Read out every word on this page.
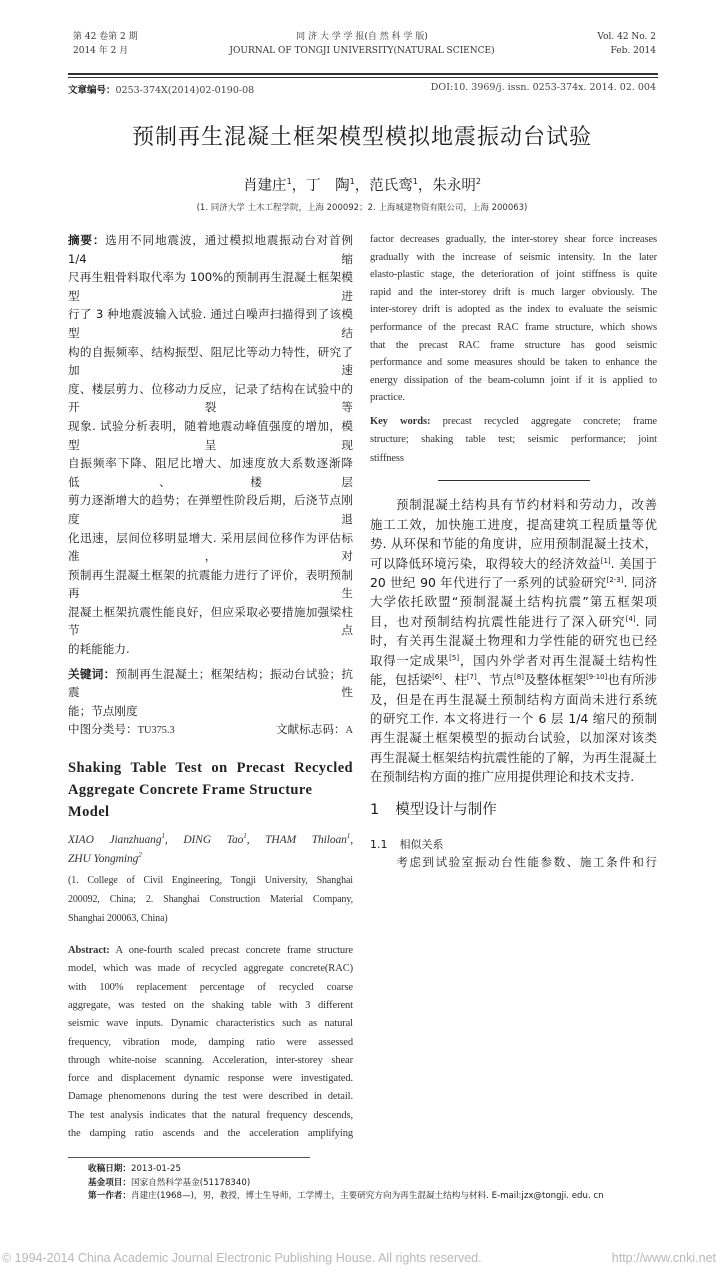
第 42 卷第 2 期
2014 年 2 月
同 济 大 学 学 报(自 然 科 学 版)
JOURNAL OF TONGJI UNIVERSITY(NATURAL SCIENCE)
Vol. 42 No. 2
Feb. 2014
文章编号：0253-374X(2014)02-0190-08	DOI:10. 3969/j. issn. 0253-374x. 2014. 02. 004
预制再生混凝土框架模型模拟地震振动台试验
肖建庄$^1$，丁　陶$^1$，范氏鸾$^1$，朱永明$^2$
(1. 同济大学 土木工程学院，上海 200092；2. 上海城建物资有限公司，上海 200063)
摘要：选用不同地震波，通过模拟地震振动台对首例 1/4 缩
尺再生粗骨料取代率为 100%的预制再生混凝土框架模型进
行了 3 种地震波输入试验. 通过白噪声扫描得到了该模型结
构的自振频率、结构振型、阻尼比等动力特性，研究了加速
度、楼层剪力、位移动力反应，记录了结构在试验中的开裂等
现象. 试验分析表明，随着地震动峰值强度的增加，模型呈现
自振频率下降、阻尼比增大、加速度放大系数逐渐降低、楼层
剪力逐渐增大的趋势；在弹塑性阶段后期，后浇节点刚度退
化迅速，层间位移明显增大. 采用层间位移作为评估标准，对
预制再生混凝土框架的抗震能力进行了评价，表明预制再生
混凝土框架抗震性能良好，但应采取必要措施加强梁柱节点
的耗能能力.
关键词：预制再生混凝土；框架结构；振动台试验；抗震性
能；节点刚度
中图分类号：TU375.3	文献标志码：A
Shaking Table Test on Precast Recycled
Aggregate Concrete Frame Structure Model
XIAO Jianzhuang$^1$, DING Tao$^1$, THAM Thiloan$^1$,
ZHU Yongming$^2$
(1. College of Civil Engineering, Tongji University, Shanghai
200092, China; 2. Shanghai Construction Material Company,
Shanghai 200063, China)
Abstract: A one-fourth scaled precast concrete frame structure
model, which was made of recycled aggregate concrete(RAC)
with 100% replacement percentage of recycled coarse
aggregate, was tested on the shaking table with 3 different
seismic wave inputs. Dynamic characteristics such as natural
frequency, vibration mode, damping ratio were assessed
through white-noise scanning. Acceleration, inter-storey shear
force and displacement dynamic response were investigated.
Damage phenomenons during the test were described in detail.
The test analysis indicates that the natural frequency descends,
the damping ratio ascends and the acceleration amplifying
factor decreases gradually, the inter-storey shear force increases
gradually with the increase of seismic intensity. In the later
elasto-plastic stage, the deterioration of joint stiffness is quite
rapid and the inter-storey drift is much larger obviously. The
inter-storey drift is adopted as the index to evaluate the seismic
performance of the precast RAC frame structure, which shows
that the precast RAC frame structure has good seismic
performance and some measures should be taken to enhance the
energy dissipation of the beam-column joint if it is applied to
practice.
Key words: precast recycled aggregate concrete; frame
structure; shaking table test; seismic performance; joint
stiffness
　　预制混凝土结构具有节约材料和劳动力，改善
施工工效，加快施工进度，提高建筑工程质量等优
势. 从环保和节能的角度讲，应用预制混凝土技术，
可以降低环境污染，取得较大的经济效益[1]. 美国于
20 世纪 90 年代进行了一系列的试验研究[2-3]. 同济
大学依托欧盟“预制混凝土结构抗震”第五框架项
目，也对预制结构抗震性能进行了深入研究[4]. 同
时，有关再生混凝土物理和力学性能的研究也已经
取得一定成果[5]，国内外学者对再生混凝土结构性
能，包括梁[6]、柱[7]、节点[8]及整体框架[9-10]也有所涉
及，但是在再生混凝土预制结构方面尚未进行系统
的研究工作. 本文将进行一个 6 层 1/4 缩尺的预制
再生混凝土框架模型的振动台试验，以加深对该类
再生混凝土框架结构抗震性能的了解，为再生混凝土
在预制结构方面的推广应用提供理论和技术支持.
1 模型设计与制作
1.1 相似关系
　　考虑到试验室振动台性能参数、施工条件和行
收稿日期：2013-01-25
基金项目：国家自然科学基金(51178340)
第一作者：肖建庄(1968—)，男，教授，博士生导师，工学博士，主要研究方向为再生混凝土结构与材料. E-mail:jzx@tongji. edu. cn
© 1994-2014 China Academic Journal Electronic Publishing House. All rights reserved.	http://www.cnki.net
